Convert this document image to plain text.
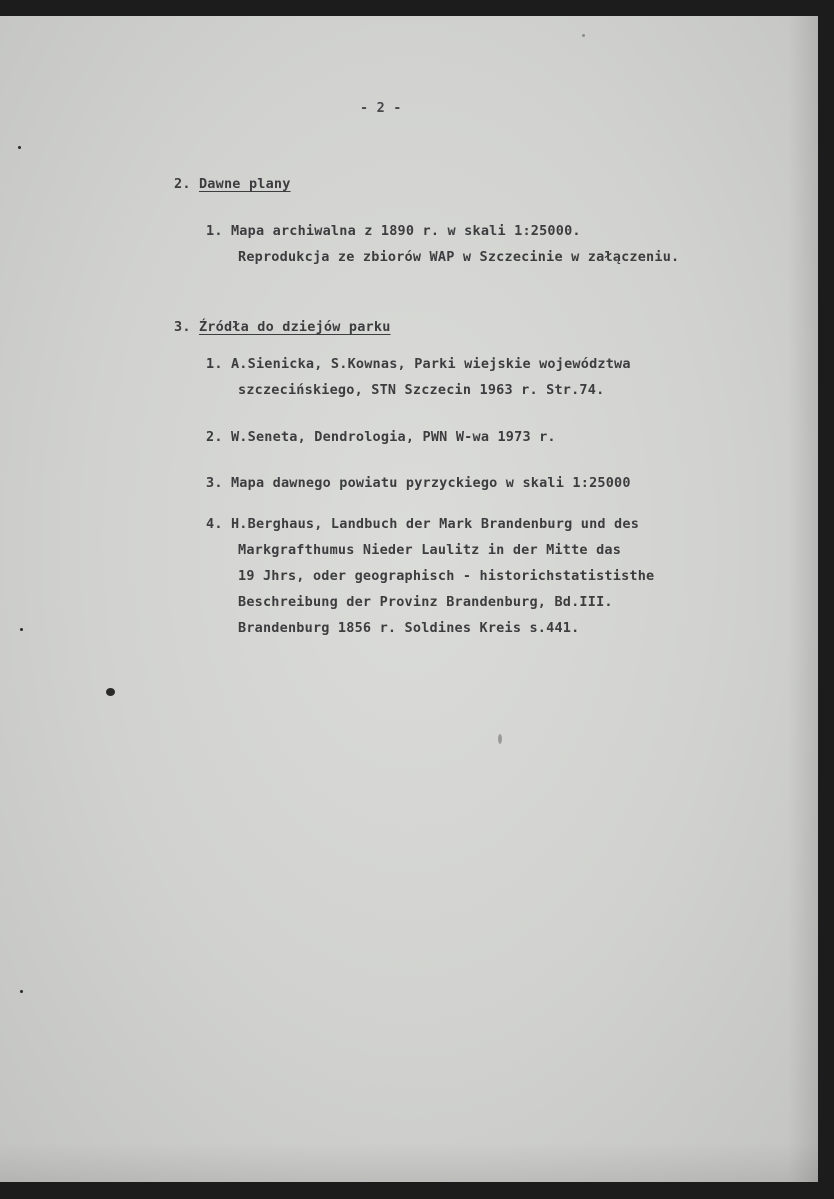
- 2 -
2. Dawne plany
1. Mapa archiwalna z 1890 r. w skali 1:25000.
Reprodukcja ze zbiorów WAP w Szczecinie w załączeniu.
3. Źródła do dziejów parku
1. A.Sienicka, S.Kownas, Parki wiejskie województwa
szczecińskiego, STN Szczecin 1963 r. Str.74.
2. W.Seneta, Dendrologia, PWN W-wa 1973 r.
3. Mapa dawnego powiatu pyrzyckiego w skali 1:25000
4. H.Berghaus, Landbuch der Mark Brandenburg und des
Markgrafthumus Nieder Laulitz in der Mitte das
19 Jhrs, oder geographisch - historichstatististhe
Beschreibung der Provinz Brandenburg, Bd.III.
Brandenburg 1856 r. Soldines Kreis s.441.
